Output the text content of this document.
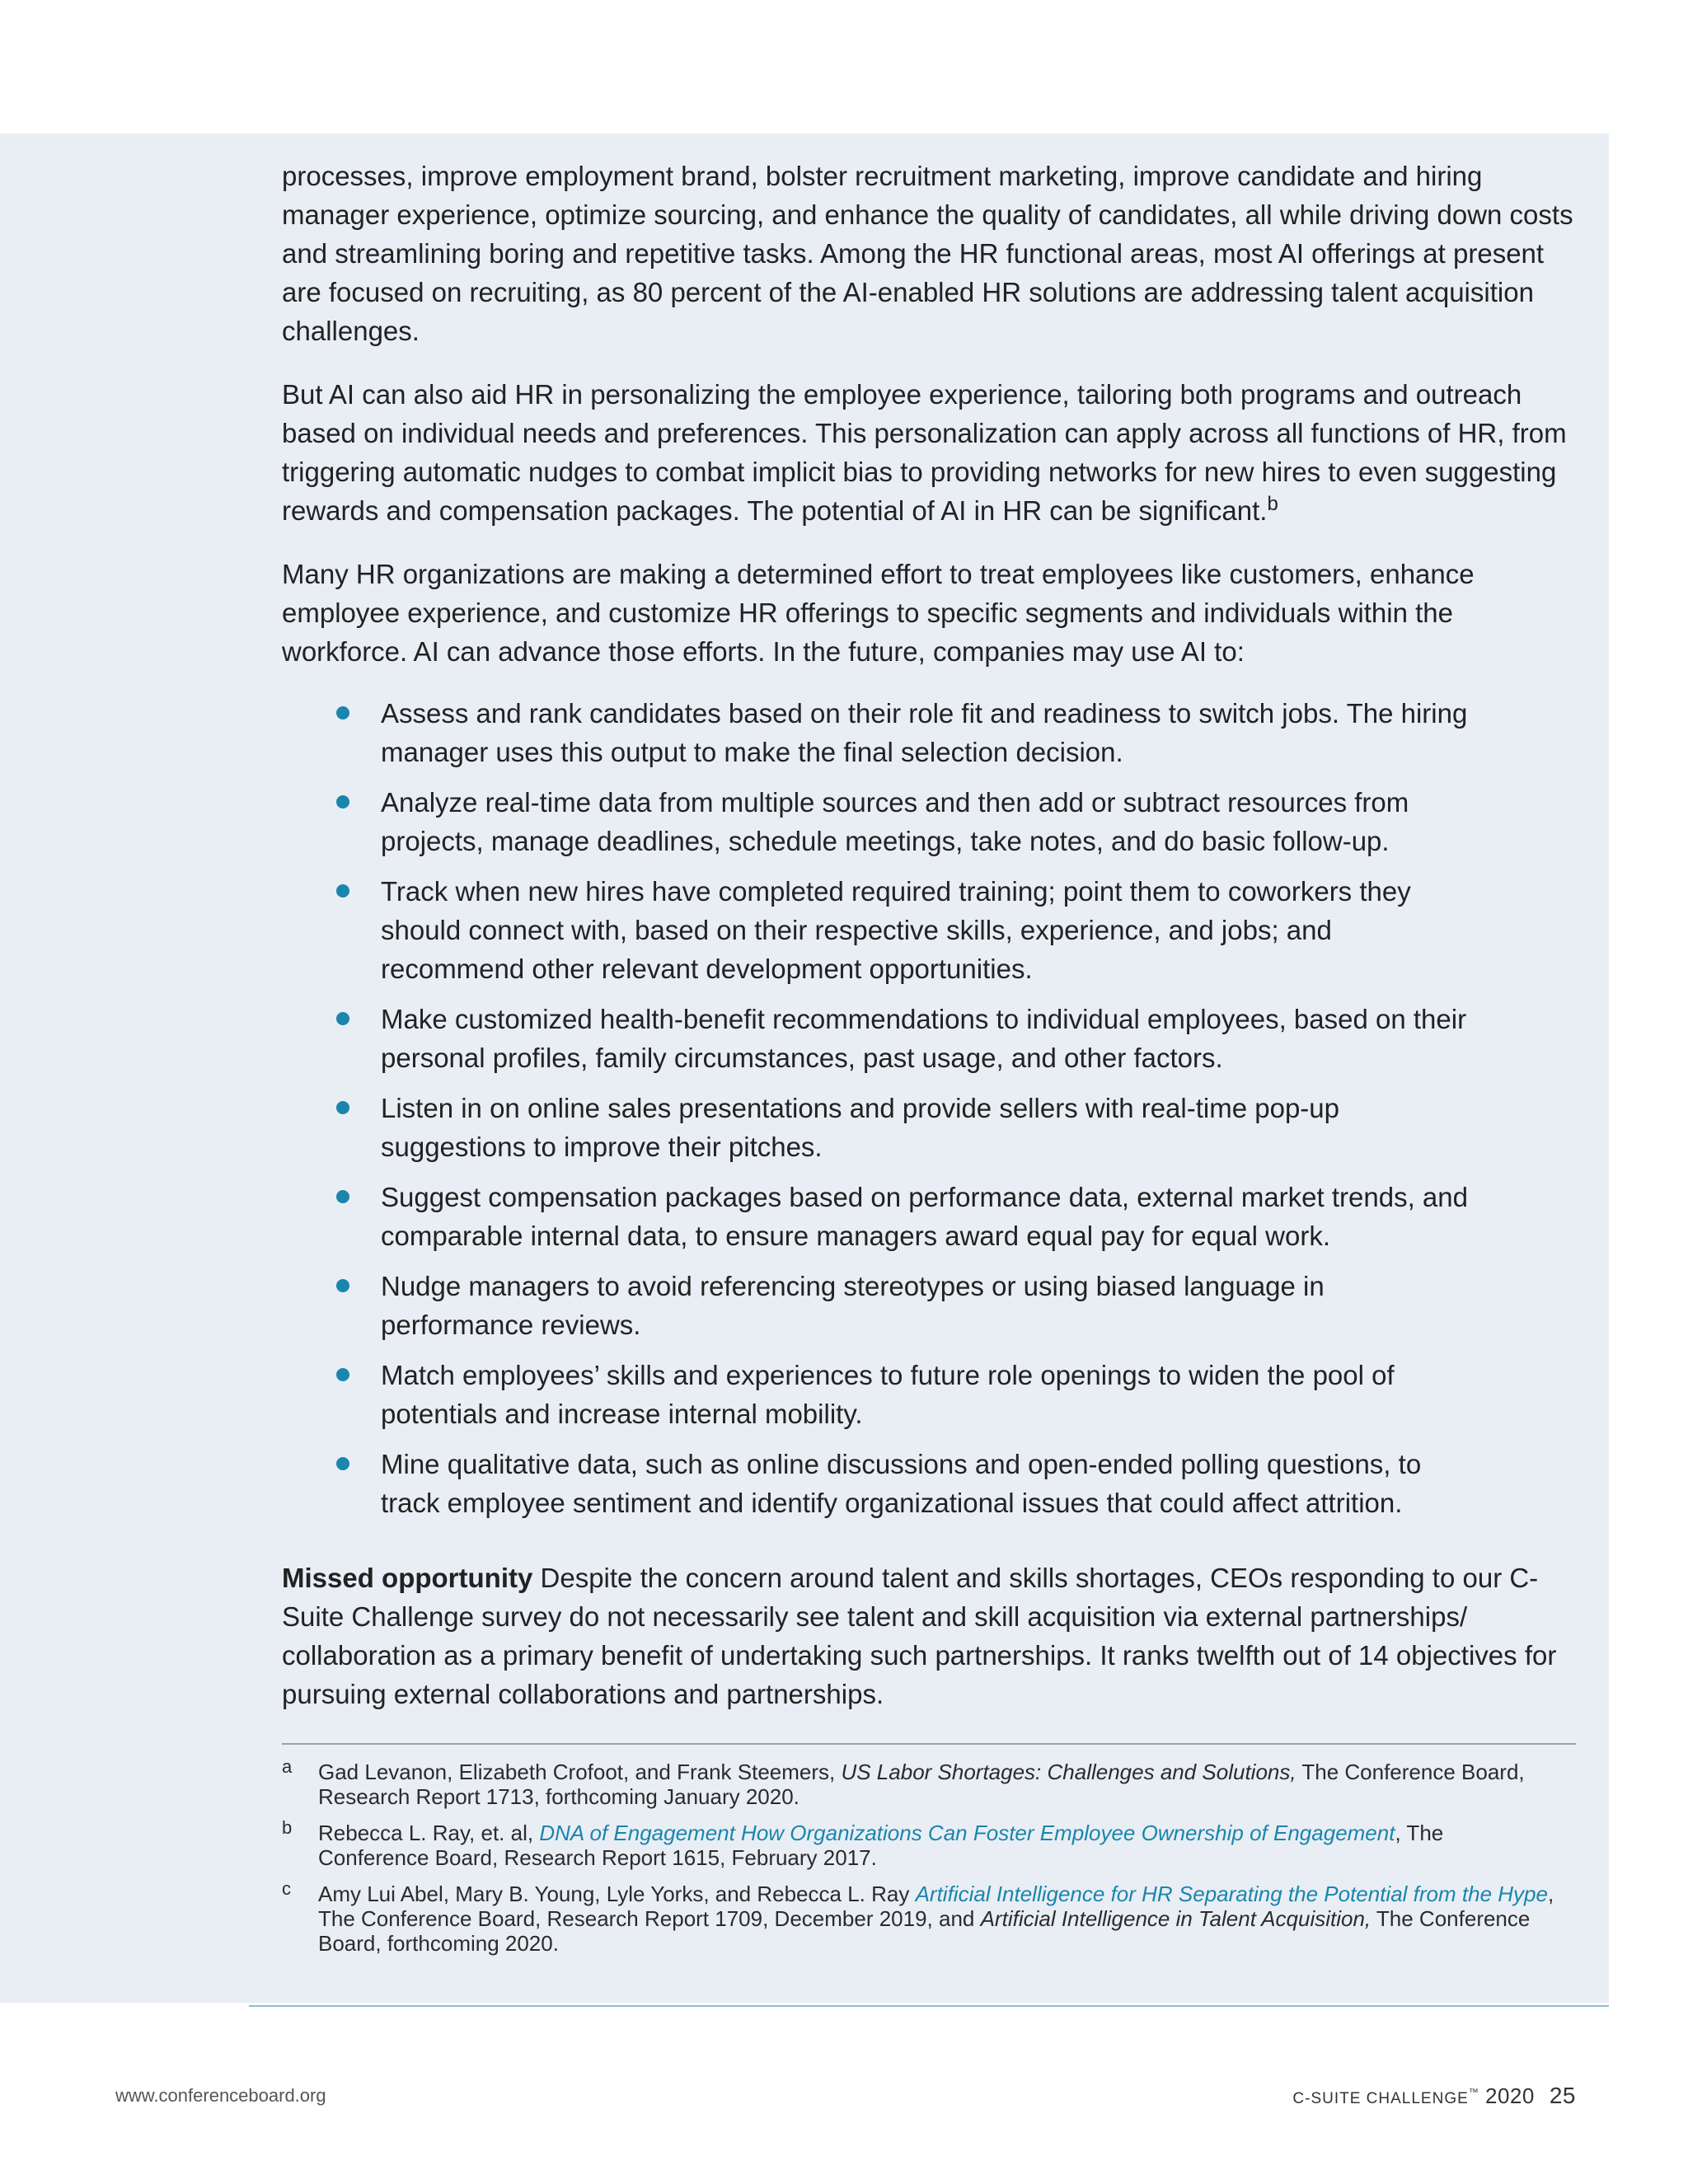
processes, improve employment brand, bolster recruitment marketing, improve candidate and hiring manager experience, optimize sourcing, and enhance the quality of candidates, all while driving down costs and streamlining boring and repetitive tasks. Among the HR functional areas, most AI offerings at present are focused on recruiting, as 80 percent of the AI-enabled HR solutions are addressing talent acquisition challenges.

But AI can also aid HR in personalizing the employee experience, tailoring both programs and outreach based on individual needs and preferences. This personalization can apply across all functions of HR, from triggering automatic nudges to combat implicit bias to providing networks for new hires to even suggesting rewards and compensation packages. The potential of AI in HR can be significant.$^b$

Many HR organizations are making a determined effort to treat employees like customers, enhance employee experience, and customize HR offerings to specific segments and individuals within the workforce. AI can advance those efforts. In the future, companies may use AI to:

Assess and rank candidates based on their role fit and readiness to switch jobs. The hiring manager uses this output to make the final selection decision.
Analyze real-time data from multiple sources and then add or subtract resources from projects, manage deadlines, schedule meetings, take notes, and do basic follow-up.
Track when new hires have completed required training; point them to coworkers they should connect with, based on their respective skills, experience, and jobs; and recommend other relevant development opportunities.
Make customized health-benefit recommendations to individual employees, based on their personal profiles, family circumstances, past usage, and other factors.
Listen in on online sales presentations and provide sellers with real-time pop-up suggestions to improve their pitches.
Suggest compensation packages based on performance data, external market trends, and comparable internal data, to ensure managers award equal pay for equal work.
Nudge managers to avoid referencing stereotypes or using biased language in performance reviews.
Match employees’ skills and experiences to future role openings to widen the pool of potentials and increase internal mobility.
Mine qualitative data, such as online discussions and open-ended polling questions, to track employee sentiment and identify organizational issues that could affect attrition.

Missed opportunity Despite the concern around talent and skills shortages, CEOs responding to our C-Suite Challenge survey do not necessarily see talent and skill acquisition via external partnerships/ collaboration as a primary benefit of undertaking such partnerships. It ranks twelfth out of 14 objectives for pursuing external collaborations and partnerships.

a Gad Levanon, Elizabeth Crofoot, and Frank Steemers, US Labor Shortages: Challenges and Solutions, The Conference Board, Research Report 1713, forthcoming January 2020.
b Rebecca L. Ray, et. al, DNA of Engagement How Organizations Can Foster Employee Ownership of Engagement, The Conference Board, Research Report 1615, February 2017.
c Amy Lui Abel, Mary B. Young, Lyle Yorks, and Rebecca L. Ray Artificial Intelligence for HR Separating the Potential from the Hype, The Conference Board, Research Report 1709, December 2019, and Artificial Intelligence in Talent Acquisition, The Conference Board, forthcoming 2020.
www.conferenceboard.org	C-SUITE CHALLENGE™ 2020 25
